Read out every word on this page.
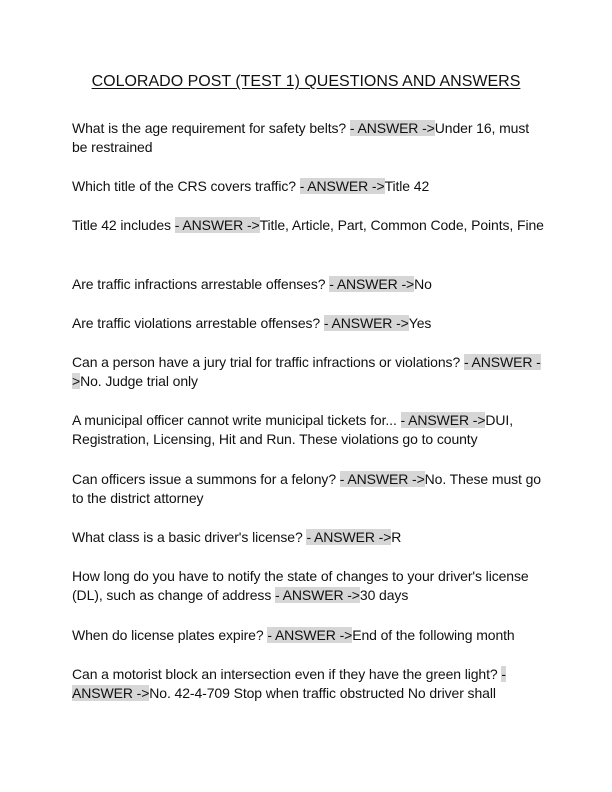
COLORADO POST (TEST 1) QUESTIONS AND ANSWERS
What is the age requirement for safety belts? - ANSWER ->Under 16, must be restrained
Which title of the CRS covers traffic? - ANSWER ->Title 42
Title 42 includes - ANSWER ->Title, Article, Part, Common Code, Points, Fine
Are traffic infractions arrestable offenses? - ANSWER ->No
Are traffic violations arrestable offenses? - ANSWER ->Yes
Can a person have a jury trial for traffic infractions or violations? - ANSWER ->No. Judge trial only
A municipal officer cannot write municipal tickets for... - ANSWER ->DUI, Registration, Licensing, Hit and Run. These violations go to county
Can officers issue a summons for a felony? - ANSWER ->No. These must go to the district attorney
What class is a basic driver's license? - ANSWER ->R
How long do you have to notify the state of changes to your driver's license (DL), such as change of address - ANSWER ->30 days
When do license plates expire? - ANSWER ->End of the following month
Can a motorist block an intersection even if they have the green light? - ANSWER ->No. 42-4-709 Stop when traffic obstructed No driver shall
